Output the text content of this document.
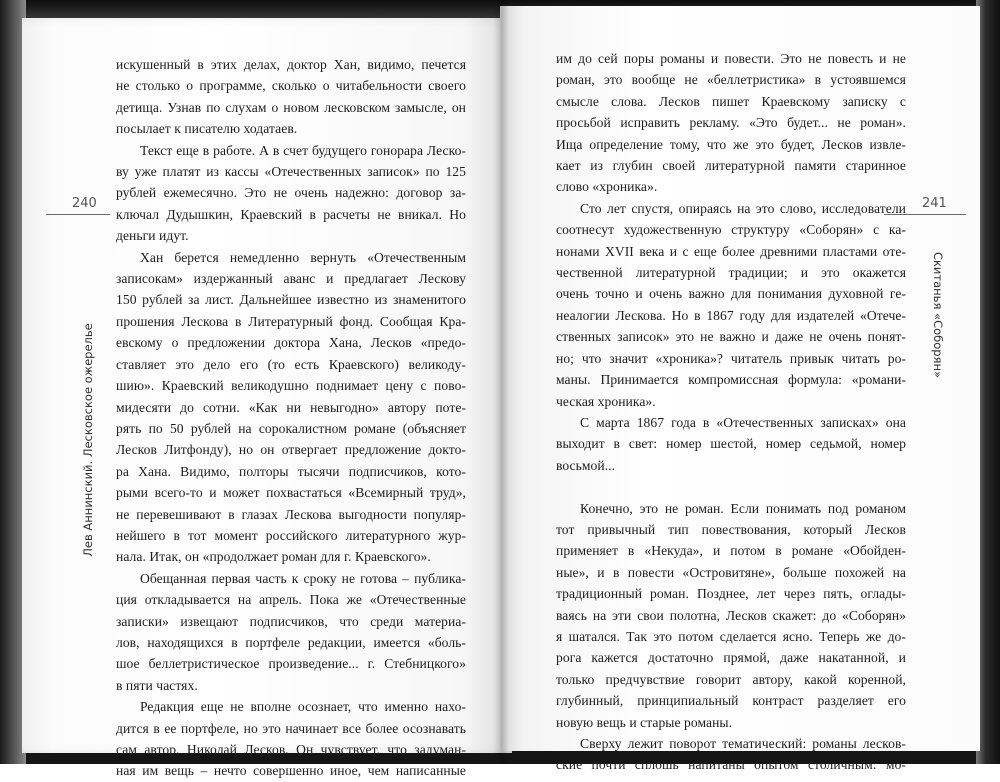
240
Лев Аннинский. Лесковское ожерелье
241
Скитанья «Соборян»
искушенный в этих делах, доктор Хан, видимо, печется
не столько о программе, сколько о читабельности своего
детища. Узнав по слухам о новом лесковском замысле, он
посылает к писателю ходатаев.
Текст еще в работе. А в счет будущего гонорара Леско-
ву уже платят из кассы «Отечественных записок» по 125
рублей ежемесячно. Это не очень надежно: договор за-
ключал Дудышкин, Краевский в расчеты не вникал. Но
деньги идут.
Хан берется немедленно вернуть «Отечественным
записокам» издержанный аванс и предлагает Лескову
150 рублей за лист. Дальнейшее известно из знаменитого
прошения Лескова в Литературный фонд. Сообщая Кра-
евскому о предложении доктора Хана, Лесков «предо-
ставляет это дело его (то есть Краевского) великоду-
шию». Краевский великодушно поднимает цену с пово-
мидесяти до сотни. «Как ни невыгодно» автору поте-
рять по 50 рублей на сорокалистном романе (объясняет
Лесков Литфонду), но он отвергает предложение докто-
ра Хана. Видимо, полторы тысячи подписчиков, кото-
рыми всего-то и может похвастаться «Всемирный труд»,
не перевешивают в глазах Лескова выгодности популяр-
нейшего в тот момент российского литературного жур-
нала. Итак, он «продолжает роман для г. Краевского».
Обещанная первая часть к сроку не готова – публика-
ция откладывается на апрель. Пока же «Отечественные
записки» извещают подписчиков, что среди материа-
лов, находящихся в портфеле редакции, имеется «боль-
шое беллетристическое произведение... г. Стебницкого»
в пяти частях.
Редакция еще не вполне осознает, что именно нахо-
дится в ее портфеле, но это начинает все более осознавать
сам автор, Николай Лесков. Он чувствует, что задуман-
ная им вещь – нечто совершенно иное, чем написанные
им до сей поры романы и повести. Это не повесть и не
роман, это вообще не «беллетристика» в устоявшемся
смысле слова. Лесков пишет Краевскому записку с
просьбой исправить рекламу. «Это будет... не роман».
Ища определение тому, что же это будет, Лесков извле-
кает из глубин своей литературной памяти старинное
слово «хроника».
Сто лет спустя, опираясь на это слово, исследователи
соотнесут художественную структуру «Соборян» с ка-
нонами XVII века и с еще более древними пластами оте-
чественной литературной традиции; и это окажется
очень точно и очень важно для понимания духовной ге-
неалогии Лескова. Но в 1867 году для издателей «Отече-
ственных записок» это не важно и даже не очень понят-
но; что значит «хроника»? читатель привык читать ро-
маны. Принимается компромиссная формула: «романи-
ческая хроника».
С марта 1867 года в «Отечественных записках» она
выходит в свет: номер шестой, номер седьмой, номер
восьмой...
Конечно, это не роман. Если понимать под романом
тот привычный тип повествования, который Лесков
применяет в «Некуда», и потом в романе «Обойден-
ные», и в повести «Островитяне», больше похожей на
традиционный роман. Позднее, лет через пять, оглады-
ваясь на эти свои полотна, Лесков скажет: до «Соборян»
я шатался. Так это потом сделается ясно. Теперь же до-
рога кажется достаточно прямой, даже накатанной, и
только предчувствие говорит автору, какой коренной,
глубинный, принципиальный контраст разделяет его
новую вещь и старые романы.
Сверху лежит поворот тематический: романы лесков-
ские почти сплошь напитаны опытом столичным: мо-
